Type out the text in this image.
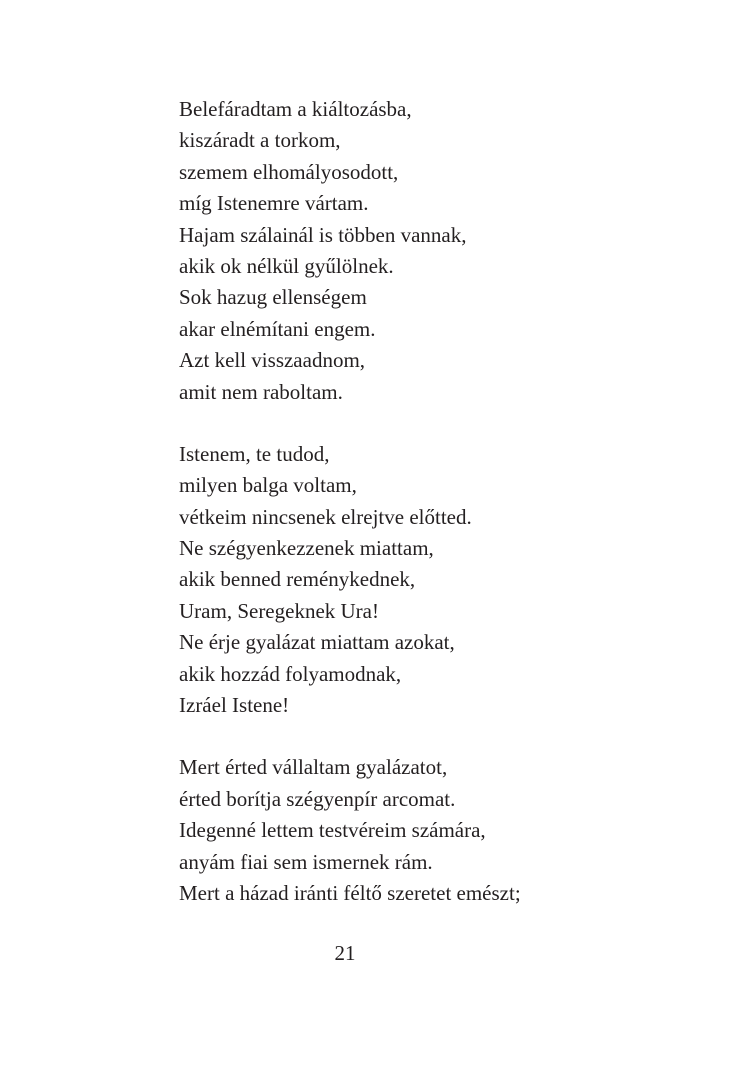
Belefáradtam a kiáltozásba,
kiszáradt a torkom,
szemem elhomályosodott,
míg Istenemre vártam.
Hajam szálainál is többen vannak,
akik ok nélkül gyűlölnek.
Sok hazug ellenségem
akar elnémítani engem.
Azt kell visszaadnom,
amit nem raboltam.
Istenem, te tudod,
milyen balga voltam,
vétkeim nincsenek elrejtve előtted.
Ne szégyenkezzenek miattam,
akik benned reménykednek,
Uram, Seregeknek Ura!
Ne érje gyalázat miattam azokat,
akik hozzád folyamodnak,
Izráel Istene!
Mert érted vállaltam gyalázatot,
érted borítja szégyenpír arcomat.
Idegenné lettem testvéreim számára,
anyám fiai sem ismernek rám.
Mert a házad iránti féltő szeretet emészt;
21
